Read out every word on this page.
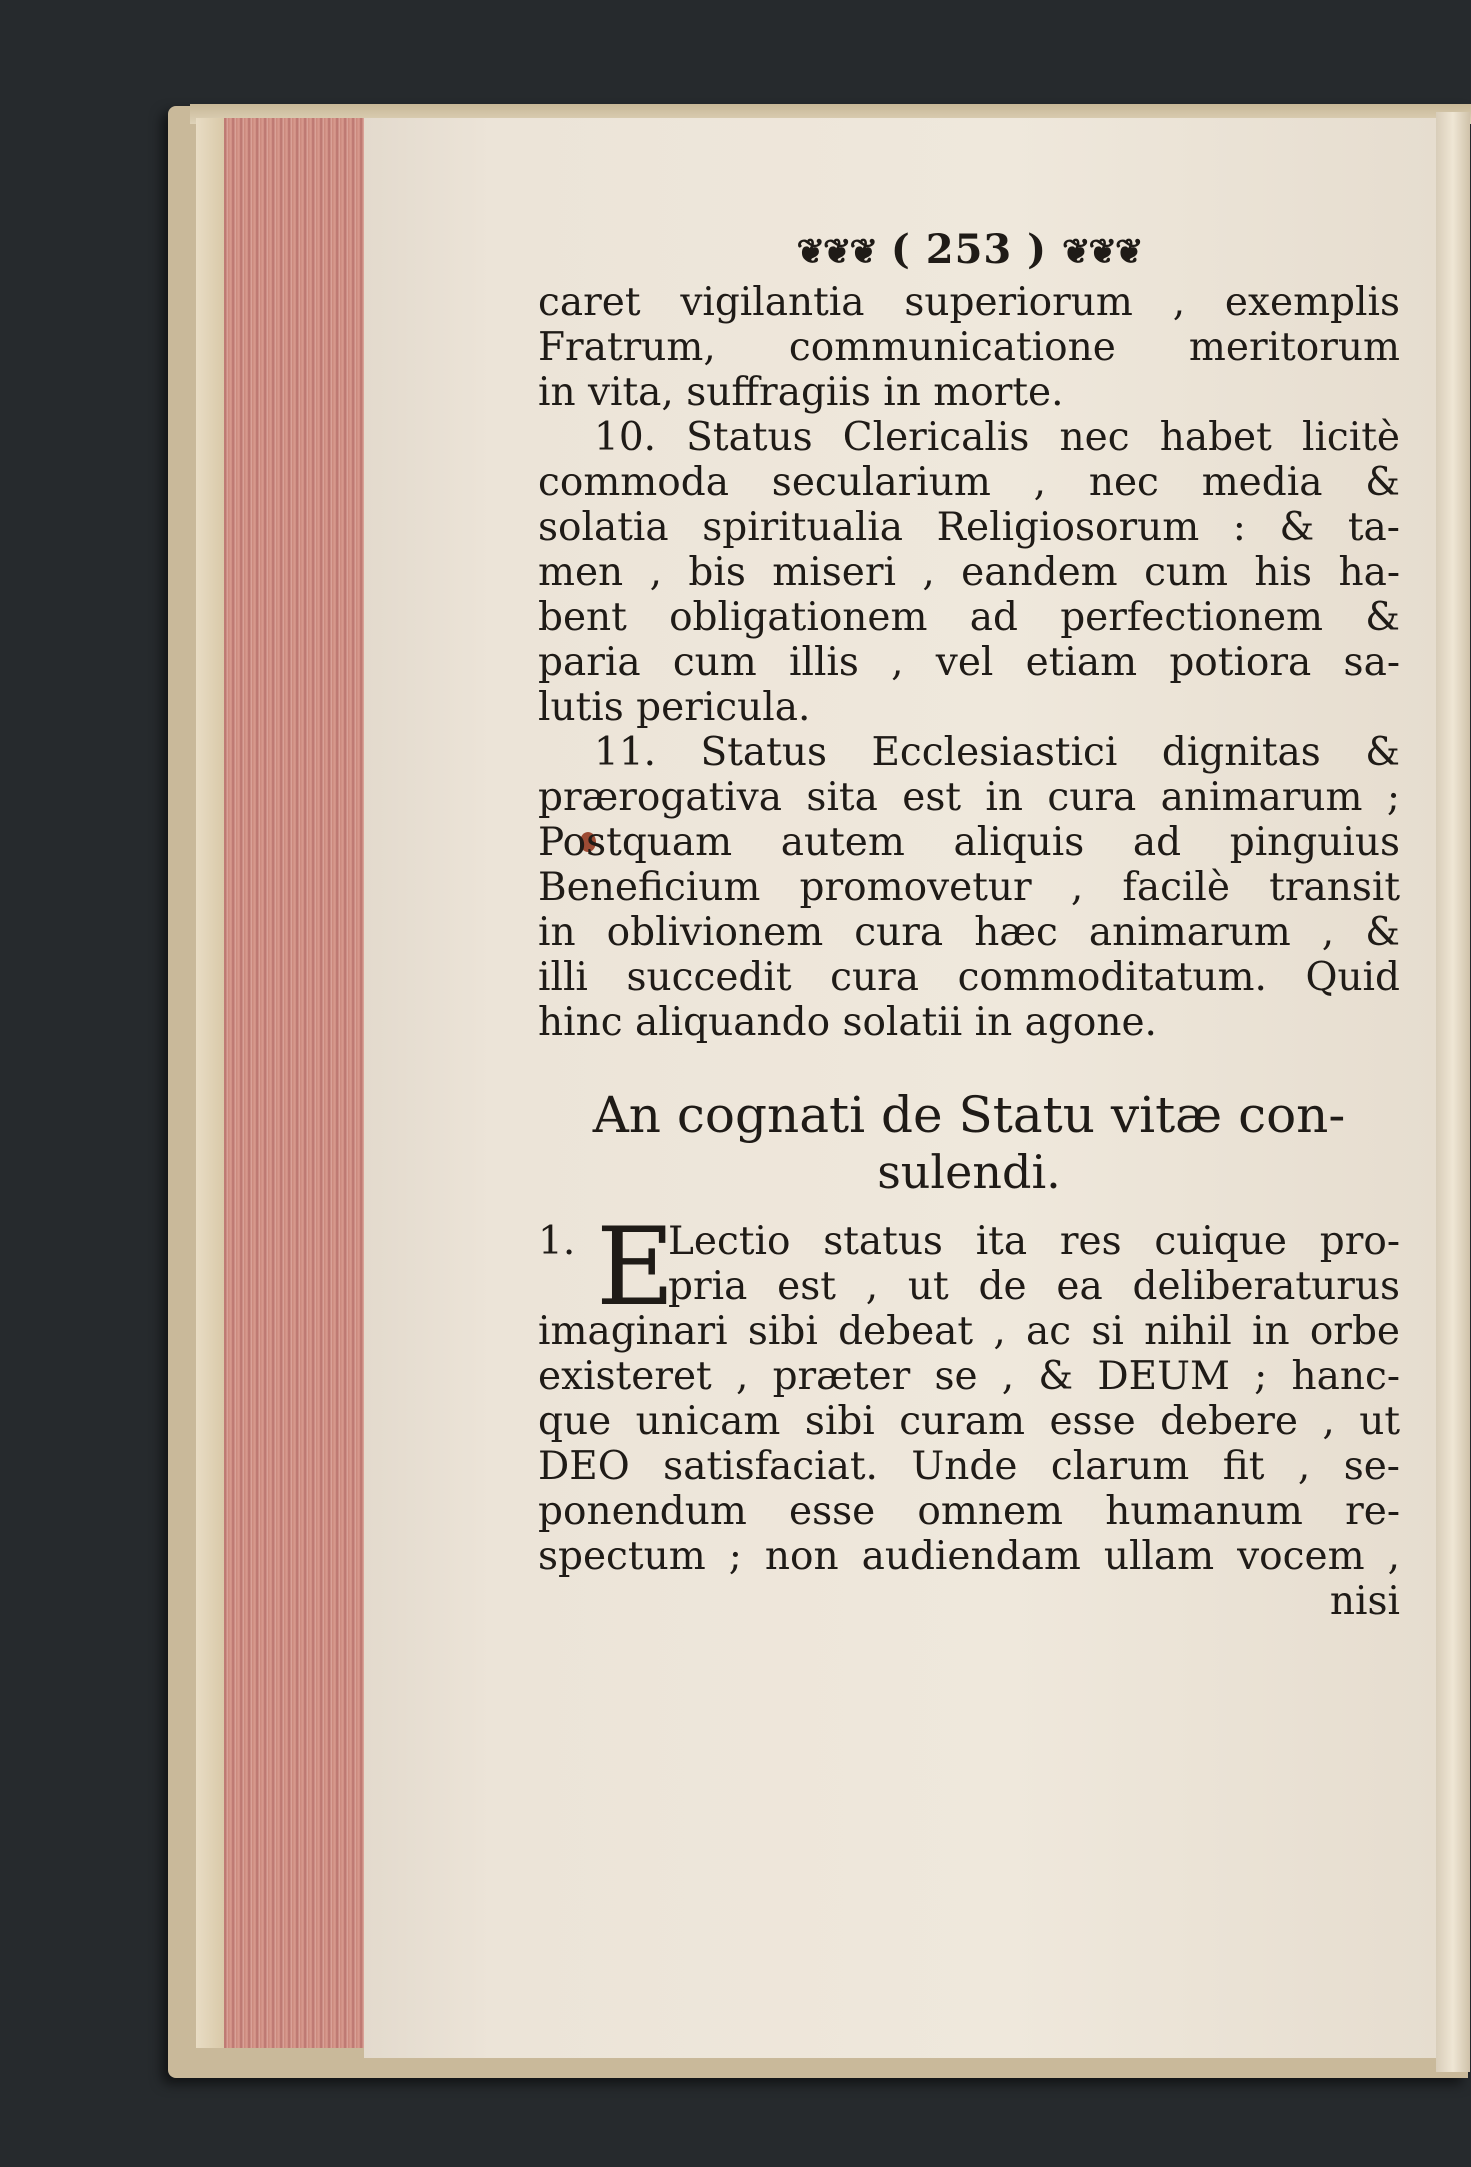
❦❦❦ ( 253 ) ❦❦❦
caret vigilantia superiorum , exemplis
Fratrum, communicatione meritorum
in vita, suffragiis in morte.
10. Status Clericalis nec habet licitè
commoda secularium , nec media &
solatia spiritualia Religiosorum : & ta-
men , bis miseri , eandem cum his ha-
bent obligationem ad perfectionem &
paria cum illis , vel etiam potiora sa-
lutis pericula.
11. Status Ecclesiastici dignitas &
prærogativa sita est in cura animarum ;
Postquam autem aliquis ad pinguius
Beneficium promovetur , facilè transit
in oblivionem cura hæc animarum , &
illi succedit cura commoditatum. Quid
hinc aliquando solatii in agone.
An cognati de Statu vitæ con-
sulendi.
1. E
Lectio status ita res cuique pro-
pria est , ut de ea deliberaturus
imaginari sibi debeat , ac si nihil in orbe
existeret , præter se , & DEUM ; hanc-
que unicam sibi curam esse debere , ut
DEO satisfaciat. Unde clarum fit , se-
ponendum esse omnem humanum re-
spectum ; non audiendam ullam vocem ,
nisi
